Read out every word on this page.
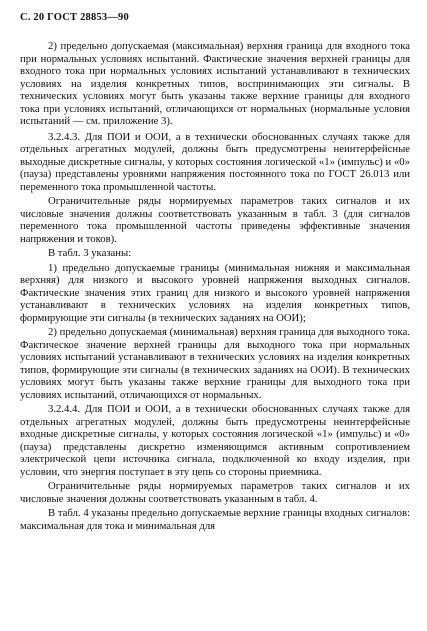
С. 20 ГОСТ 28853—90

2) предельно допускаемая (максимальная) верхняя граница для входного тока при нормальных условиях испытаний. Фактические значения верхней границы для входного тока при нормальных условиях испытаний устанавливают в технических условиях на изделия конкретных типов, воспринимающих эти сигналы. В технических условиях могут быть указаны также верхние границы для входного тока при условиях испытаний, отличающихся от нормальных (нормальные условия испытаний — см. приложение 3).

3.2.4.3. Для ПОИ и ООИ, а в технически обоснованных случаях также для отдельных агрегатных модулей, должны быть предусмотрены неинтерфейсные выходные дискретные сигналы, у которых состояния логической «1» (импульс) и «0» (пауза) представлены уровнями напряжения постоянного тока по ГОСТ 26.013 или переменного тока промышленной частоты.

Ограничительные ряды нормируемых параметров таких сигналов и их числовые значения должны соответствовать указанным в табл. 3 (для сигналов переменного тока промышленной частоты приведены эффективные значения напряжения и токов).

В табл. 3 указаны:

1) предельно допускаемые границы (минимальная нижняя и максимальная верхняя) для низкого и высокого уровней напряжения выходных сигналов. Фактические значения этих границ для низкого и высокого уровней напряжения устанавливают в технических условиях на изделия конкретных типов, формирующие эти сигналы (в технических заданиях на ООИ);

2) предельно допускаемая (минимальная) верхняя граница для выходного тока. Фактическое значение верхней границы для выходного тока при нормальных условиях испытаний устанавливают в технических условиях на изделия конкретных типов, формирующие эти сигналы (в технических заданиях на ООИ). В технических условиях могут быть указаны также верхние границы для выходного тока при условиях испытаний, отличающихся от нормальных.

3.2.4.4. Для ПОИ и ООИ, а в технически обоснованных случаях также для отдельных агрегатных модулей, должны быть предусмотрены неинтерфейсные входные дискретные сигналы, у которых состояния логической «1» (импульс) и «0» (пауза) представлены дискретно изменяющимся активным сопротивлением электрической цепи источника сигнала, подключенной ко входу изделия, при условии, что энергия поступает в эту цепь со стороны приемника.

Ограничительные ряды нормируемых параметров таких сигналов и их числовые значения должны соответствовать указанным в табл. 4.

В табл. 4 указаны предельно допускаемые верхние границы входных сигналов: максимальная для тока и минимальная для
